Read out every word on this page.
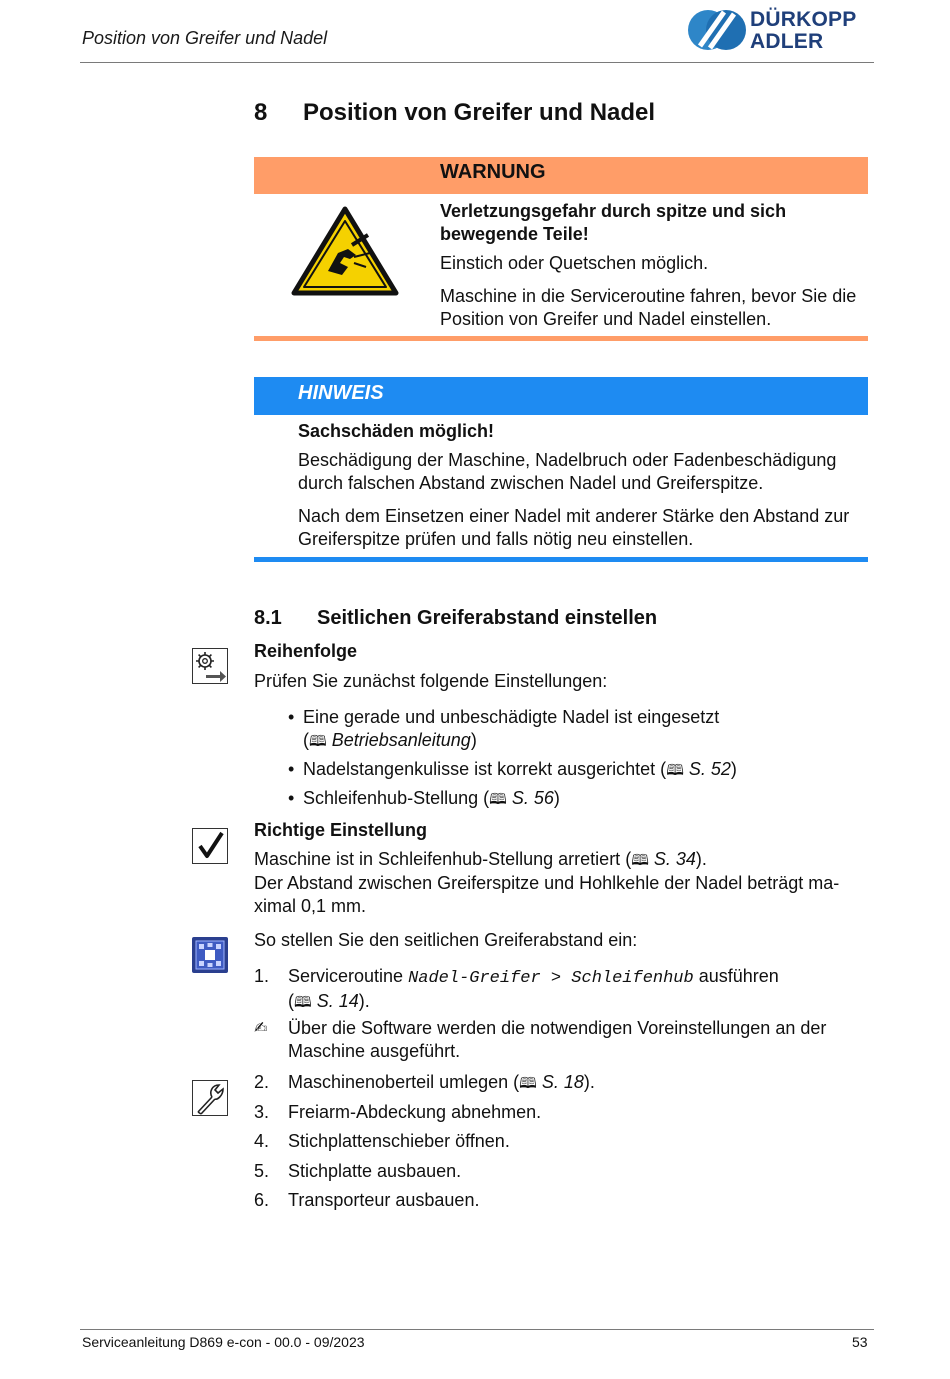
Position von Greifer und Nadel
DÜRKOPP
ADLER
8 Position von Greifer und Nadel
WARNUNG

Verletzungsgefahr durch spitze und sich bewegende Teile!

Einstich oder Quetschen möglich.

Maschine in die Serviceroutine fahren, bevor Sie die Position von Greifer und Nadel einstellen.

HINWEIS

Sachschäden möglich!

Beschädigung der Maschine, Nadelbruch oder Fadenbeschädigung durch falschen Abstand zwischen Nadel und Greiferspitze.

Nach dem Einsetzen einer Nadel mit anderer Stärke den Abstand zur Greiferspitze prüfen und falls nötig neu einstellen.

8.1 Seitlichen Greiferabstand einstellen
Reihenfolge
Prüfen Sie zunächst folgende Einstellungen:
• Eine gerade und unbeschädigte Nadel ist eingesetzt
(🕮 Betriebsanleitung)
• Nadelstangenkulisse ist korrekt ausgerichtet (🕮 S. 52)
• Schleifenhub-Stellung (🕮 S. 56)
Richtige Einstellung
Maschine ist in Schleifenhub-Stellung arretiert (🕮 S. 34).
Der Abstand zwischen Greiferspitze und Hohlkehle der Nadel beträgt ma-
ximal 0,1 mm.
So stellen Sie den seitlichen Greiferabstand ein:
1. Serviceroutine Nadel-Greifer > Schleifenhub ausführen
(🕮 S. 14).
✍ Über die Software werden die notwendigen Voreinstellungen an der Maschine ausgeführt.
2. Maschinenoberteil umlegen (🕮 S. 18).
3. Freiarm-Abdeckung abnehmen.
4. Stichplattenschieber öffnen.
5. Stichplatte ausbauen.
6. Transporteur ausbauen.
Serviceanleitung D869 e-con - 00.0 - 09/2023	53
